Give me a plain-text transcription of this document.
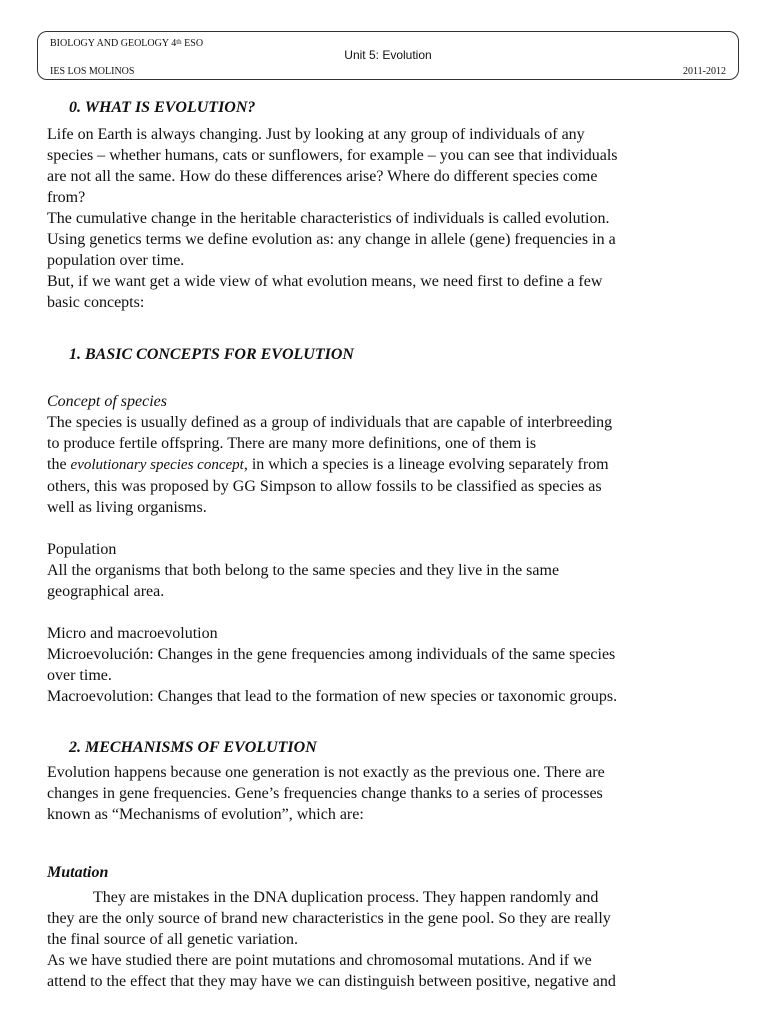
BIOLOGY AND GEOLOGY 4th ESO
Unit 5: Evolution
IES LOS MOLINOS	2011-2012
0. WHAT IS EVOLUTION?
Life on Earth is always changing. Just by looking at any group of individuals of any
species – whether humans, cats or sunflowers, for example – you can see that individuals
are not all the same. How do these differences arise? Where do different species come
from?
The cumulative change in the heritable characteristics of individuals is called evolution.
Using genetics terms we define evolution as: any change in allele (gene) frequencies in a
population over time.
But, if we want get a wide view of what evolution means, we need first to define a few
basic concepts:
1. BASIC CONCEPTS FOR EVOLUTION
Concept of species
The species is usually defined as a group of individuals that are capable of interbreeding
to produce fertile offspring. There are many more definitions, one of them is
the evolutionary species concept, in which a species is a lineage evolving separately from
others, this was proposed by GG Simpson to allow fossils to be classified as species as
well as living organisms.
Population
All the organisms that both belong to the same species and they live in the same
geographical area.
Micro and macroevolution
Microevolución: Changes in the gene frequencies among individuals of the same species
over time.
Macroevolution: Changes that lead to the formation of new species or taxonomic groups.
2. MECHANISMS OF EVOLUTION
Evolution happens because one generation is not exactly as the previous one. There are
changes in gene frequencies. Gene’s frequencies change thanks to a series of processes
known as “Mechanisms of evolution”, which are:
Mutation
They are mistakes in the DNA duplication process. They happen randomly and
they are the only source of brand new characteristics in the gene pool. So they are really
the final source of all genetic variation.
As we have studied there are point mutations and chromosomal mutations. And if we
attend to the effect that they may have we can distinguish between positive, negative and
